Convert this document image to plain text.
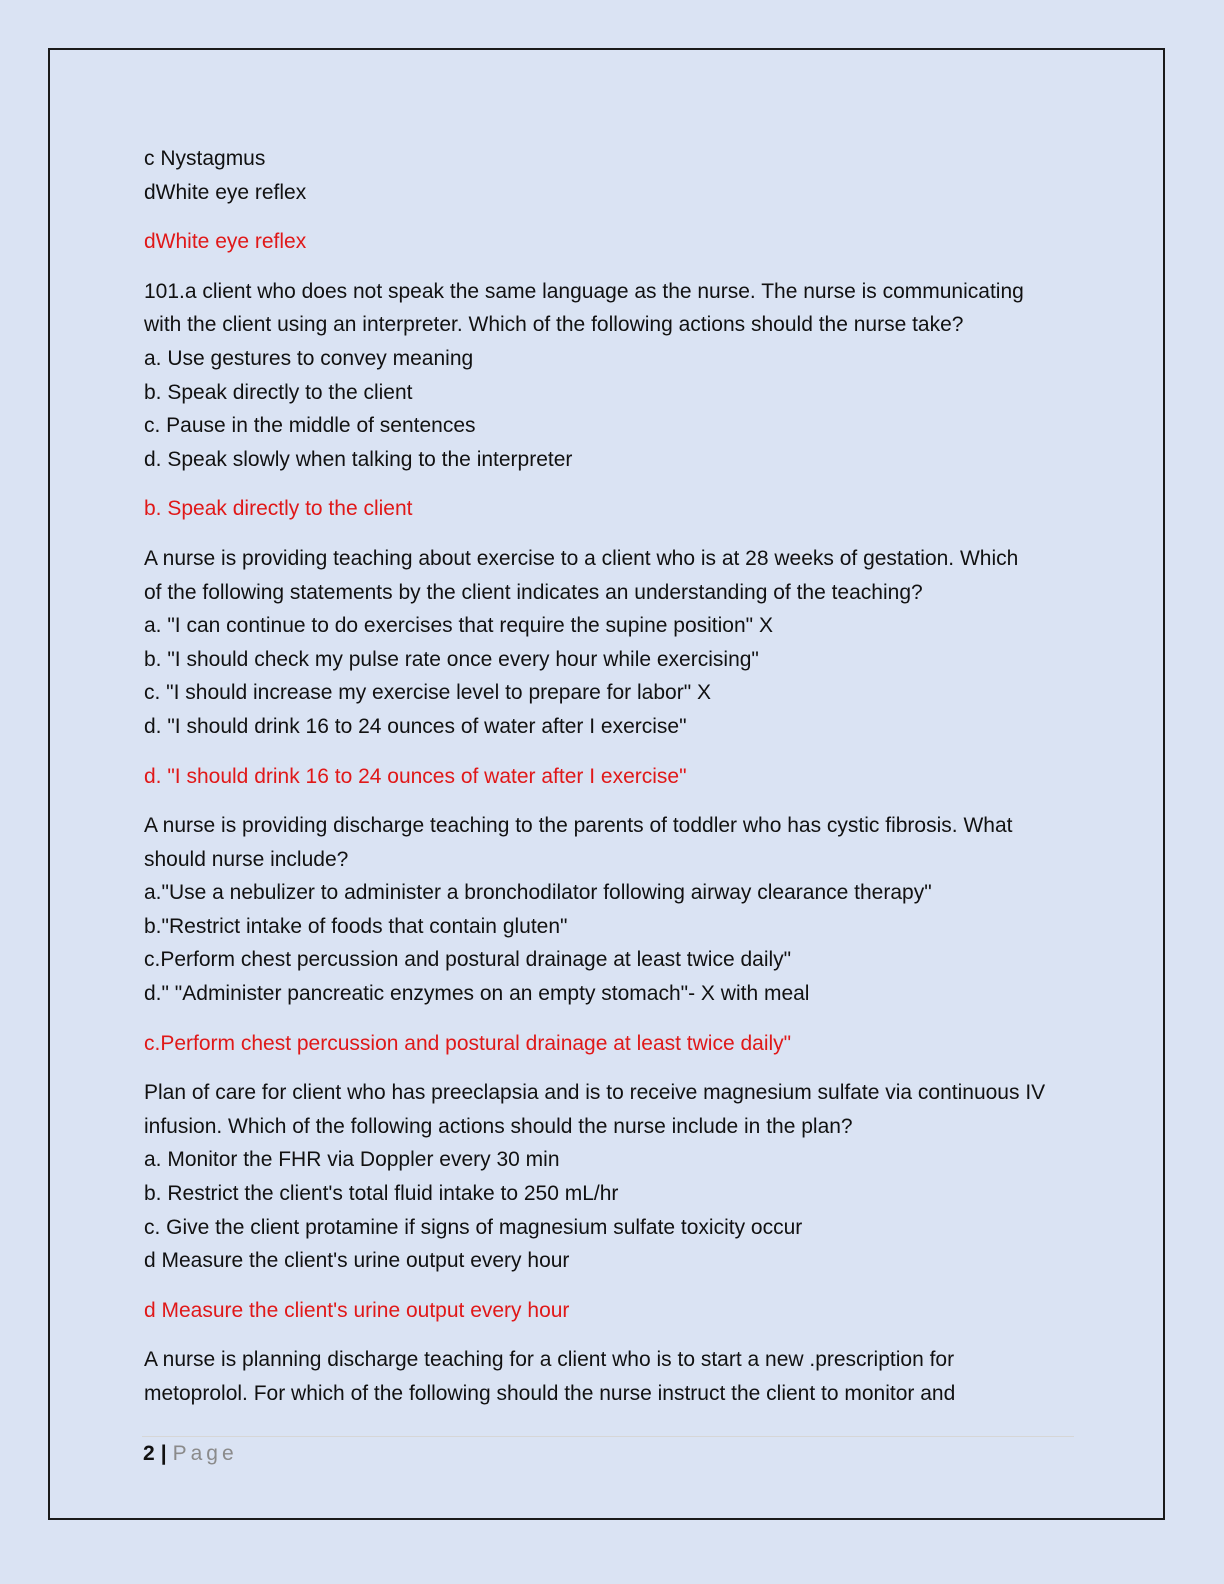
c Nystagmus

dWhite eye reflex

dWhite eye reflex

101.a client who does not speak the same language as the nurse. The nurse is communicating

with the client using an interpreter. Which of the following actions should the nurse take?

a. Use gestures to convey meaning

b. Speak directly to the client

c. Pause in the middle of sentences

d. Speak slowly when talking to the interpreter

b. Speak directly to the client

A nurse is providing teaching about exercise to a client who is at 28 weeks of gestation. Which

of the following statements by the client indicates an understanding of the teaching?

a. "I can continue to do exercises that require the supine position" X

b. "I should check my pulse rate once every hour while exercising"

c. "I should increase my exercise level to prepare for labor" X

d. "I should drink 16 to 24 ounces of water after I exercise"

d. "I should drink 16 to 24 ounces of water after I exercise"

A nurse is providing discharge teaching to the parents of toddler who has cystic fibrosis. What

should nurse include?

a."Use a nebulizer to administer a bronchodilator following airway clearance therapy"

b."Restrict intake of foods that contain gluten"

c.Perform chest percussion and postural drainage at least twice daily"

d." "Administer pancreatic enzymes on an empty stomach"- X with meal

c.Perform chest percussion and postural drainage at least twice daily"

Plan of care for client who has preeclapsia and is to receive magnesium sulfate via continuous IV

infusion. Which of the following actions should the nurse include in the plan?

a. Monitor the FHR via Doppler every 30 min

b. Restrict the client's total fluid intake to 250 mL/hr

c. Give the client protamine if signs of magnesium sulfate toxicity occur

d Measure the client's urine output every hour

d Measure the client's urine output every hour

A nurse is planning discharge teaching for a client who is to start a new .prescription for

metoprolol. For which of the following should the nurse instruct the client to monitor and

2 | Page
